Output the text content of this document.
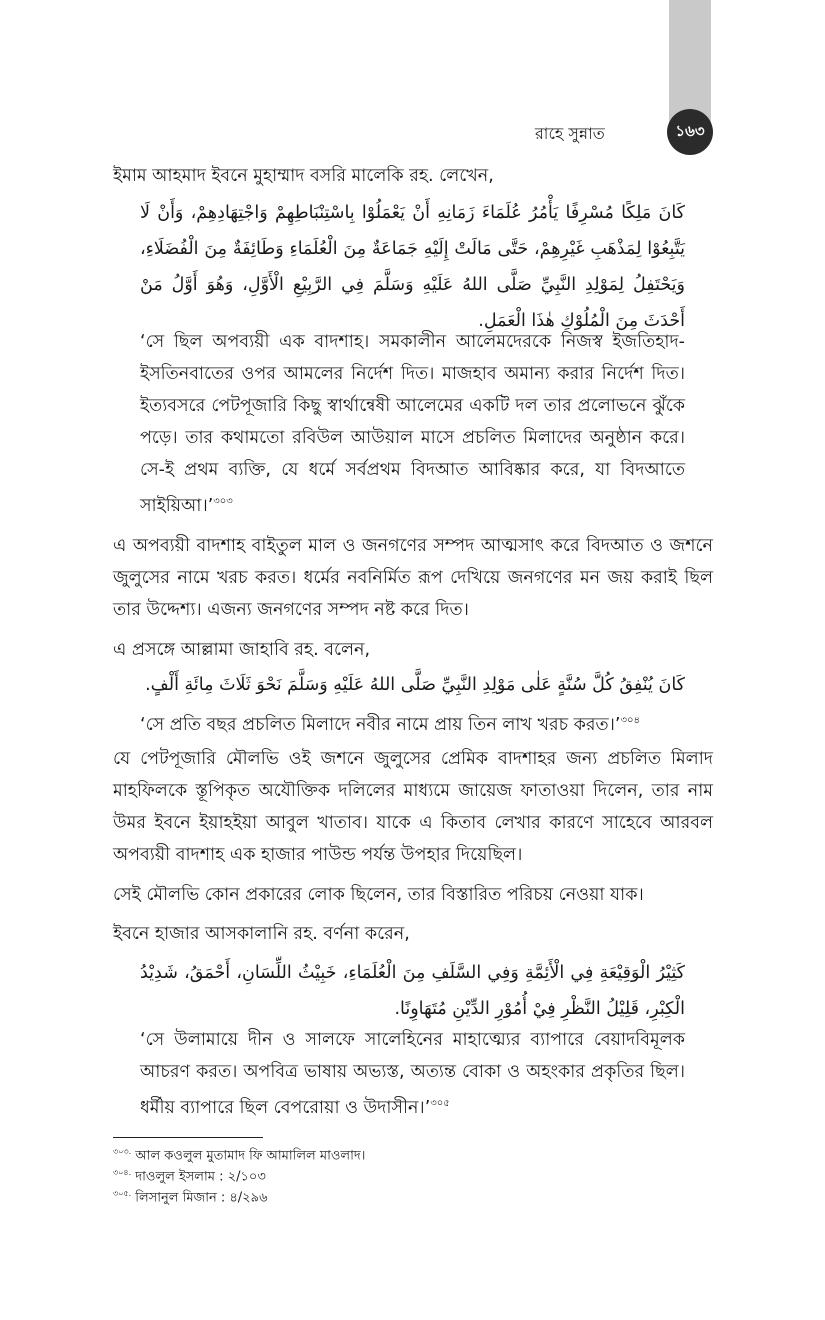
১৬৩
রাহে সুন্নাত

ইমাম আহমাদ ইবনে মুহাম্মাদ বসরি মালেকি রহ. লেখেন,

كَانَ مَلِكًا مُسْرِفًا يَأْمُرُ عُلَمَاءَ زَمَانِهِ أَنْ يَعْمَلُوْا بِاسْتِنْبَاطِهِمْ وَاجْتِهَادِهِمْ، وَأَنْ لَا يَتَّبِعُوْا لِمَذْهَبِ غَيْرِهِمْ، حَتَّى مَالَتْ إِلَيْهِ جَمَاعَةٌ مِنَ الْعُلَمَاءِ وَطَائِفَةٌ مِنَ الْفُضَلَاءِ، وَيَحْتَفِلُ لِمَوْلِدِ النَّبِيِّ صَلَّى اللهُ عَلَيْهِ وَسَلَّمَ فِي الرَّبِيْعِ الْأَوَّلِ، وَهُوَ أَوَّلُ مَنْ أَحْدَثَ مِنَ الْمُلُوْكِ هٰذَا الْعَمَلِ.

‘সে ছিল অপব্যয়ী এক বাদশাহ। সমকালীন আলেমদেরকে নিজস্ব ইজতিহাদ-ইসতিনবাতের ওপর আমলের নির্দেশ দিত। মাজহাব অমান্য করার নির্দেশ দিত। ইত্যবসরে পেটপূজারি কিছু স্বার্থান্বেষী আলেমের একটি দল তার প্রলোভনে ঝুঁকে পড়ে। তার কথামতো রবিউল আউয়াল মাসে প্রচলিত মিলাদের অনুষ্ঠান করে। সে-ই প্রথম ব্যক্তি, যে ধর্মে সর্বপ্রথম বিদআত আবিষ্কার করে, যা বিদআতে সাইয়িআ।’$^{৩০৩}$

এ অপব্যয়ী বাদশাহ বাইতুল মাল ও জনগণের সম্পদ আত্মসাৎ করে বিদআত ও জশনে জুলুসের নামে খরচ করত। ধর্মের নবনির্মিত রূপ দেখিয়ে জনগণের মন জয় করাই ছিল তার উদ্দেশ্য। এজন্য জনগণের সম্পদ নষ্ট করে দিত।

এ প্রসঙ্গে আল্লামা জাহাবি রহ. বলেন,

كَانَ يُنْفِقُ كُلَّ سُنَّةٍ عَلٰى مَوْلِدِ النَّبِيِّ صَلَّى اللهُ عَلَيْهِ وَسَلَّمَ نَحْوَ ثَلَاثَ مِائَةِ أَلْفٍ.

‘সে প্রতি বছর প্রচলিত মিলাদে নবীর নামে প্রায় তিন লাখ খরচ করত।’$^{৩০৪}$

যে পেটপূজারি মৌলভি ওই জশনে জুলুসের প্রেমিক বাদশাহর জন্য প্রচলিত মিলাদ মাহফিলকে স্তূপিকৃত অযৌক্তিক দলিলের মাধ্যমে জায়েজ ফাতাওয়া দিলেন, তার নাম উমর ইবনে ইয়াহইয়া আবুল খাতাব। যাকে এ কিতাব লেখার কারণে সাহেবে আরবল অপব্যয়ী বাদশাহ এক হাজার পাউন্ড পর্যন্ত উপহার দিয়েছিল।

সেই মৌলভি কোন প্রকারের লোক ছিলেন, তার বিস্তারিত পরিচয় নেওয়া যাক।

ইবনে হাজার আসকালানি রহ. বর্ণনা করেন,

كَثِيْرُ الْوَقِيْعَةِ فِي الْأَئِمَّةِ وَفِي السَّلَفِ مِنَ الْعُلَمَاءِ، خَبِيْثُ اللِّسَانِ، أَحْمَقُ، شَدِيْدُ الْكِبْرِ، قَلِيْلُ النَّظْرِ فِيْ أُمُوْرِ الدِّيْنِ مُتَهَاوِنًا.

‘সে উলামায়ে দীন ও সালফে সালেহিনের মাহাত্ম্যের ব্যাপারে বেয়াদবিমূলক আচরণ করত। অপবিত্র ভাষায় অভ্যস্ত, অত্যন্ত বোকা ও অহংকার প্রকৃতির ছিল। ধর্মীয় ব্যাপারে ছিল বেপরোয়া ও উদাসীন।’$^{৩০৫}$

$^{৩০৩.}$ আল কওলুল মুতামাদ ফি আমালিল মাওলাদ।
$^{৩০৪.}$ দাওলুল ইসলাম : ২/১০৩
$^{৩০৫.}$ লিসানুল মিজান : ৪/২৯৬
